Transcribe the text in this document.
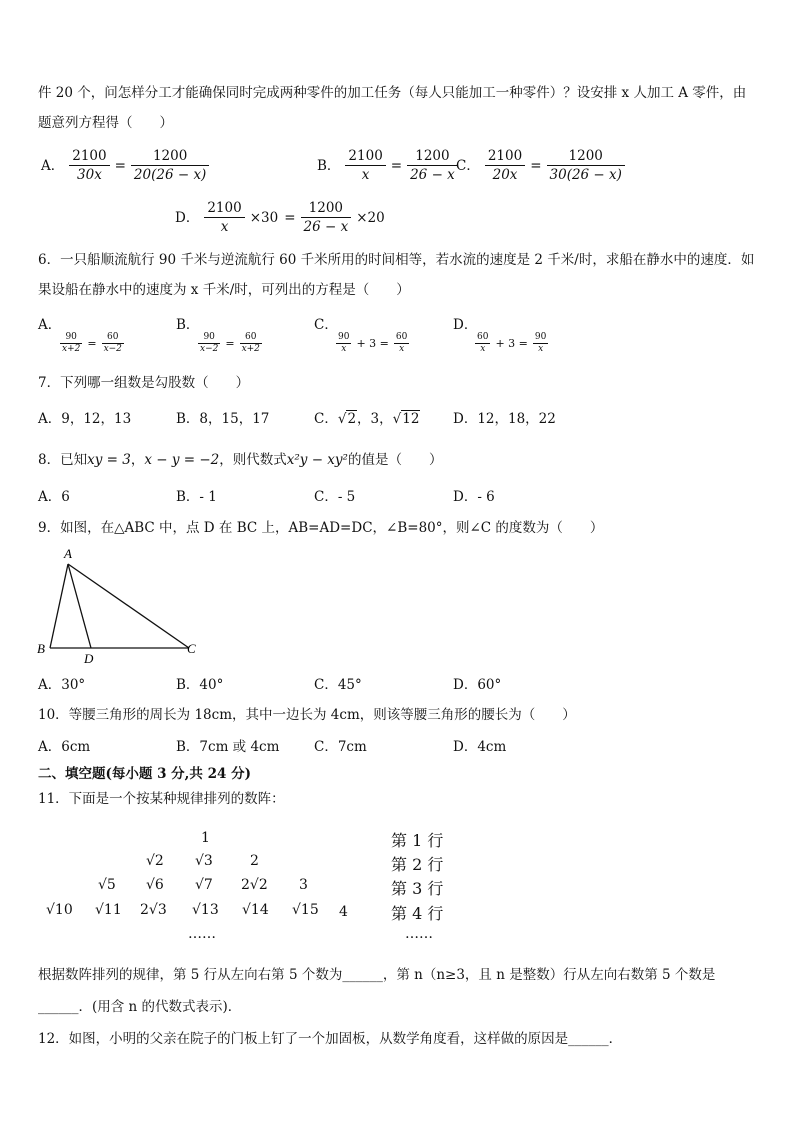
件 20 个，问怎样分工才能确保同时完成两种零件的加工任务（每人只能加工一种零件）？设安排 x 人加工 A 零件，由
题意列方程得（　　）
A． $\frac{2100}{30x} = \frac{1200}{20(26 - x)}$	B． $\frac{2100}{x} = \frac{1200}{26 - x}$
C． $\frac{2100}{20x} = \frac{1200}{30(26 - x)}$
D． $\frac{2100}{x} \times 30 = \frac{1200}{26 - x} \times 20$
6．一只船顺流航行 90 千米与逆流航行 60 千米所用的时间相等，若水流的速度是 2 千米/时，求船在静水中的速度．如
果设船在静水中的速度为 x 千米/时，可列出的方程是（　　）
A．
$\frac{90}{x+2} = \frac{60}{x-2}$
B．
$\frac{90}{x-2} = \frac{60}{x+2}$
C．
$\frac{90}{x} + 3 = \frac{60}{x}$
D．
$\frac{60}{x} + 3 = \frac{90}{x}$
7．下列哪一组数是勾股数（　　）
A．9，12，13	B．8，15，17	C．√2，3，√12 D．12，18，22
8．已知xy = 3，x − y = −2，则代数式x²y − xy²的值是（　　）
A．6	B．- 1	C．- 5	D．- 6
9．如图，在△ABC 中，点 D 在 BC 上，AB=AD=DC，∠B=80°，则∠C 的度数为（　　）
A
B
D
C
A．30°	B．40°	C．45°	D．60°
10．等腰三角形的周长为 18cm，其中一边长为 4cm，则该等腰三角形的腰长为（　　）
A．6cm	B．7cm 或 4cm	C．7cm	D．4cm
二、填空题(每小题 3 分,共 24 分)
11．下面是一个按某种规律排列的数阵：
1
√2 √3	2
√5 √6 √7 2√2 3
√10 √11 2√3 √13 √14 √15 4
……
第 1 行
第 2 行
第 3 行
第 4 行
……
根据数阵排列的规律，第 5 行从左向右第 5 个数为______，第 n（n≥3，且 n 是整数）行从左向右数第 5 个数是
______．(用含 n 的代数式表示)．
12．如图，小明的父亲在院子的门板上钉了一个加固板，从数学角度看，这样做的原因是______．
